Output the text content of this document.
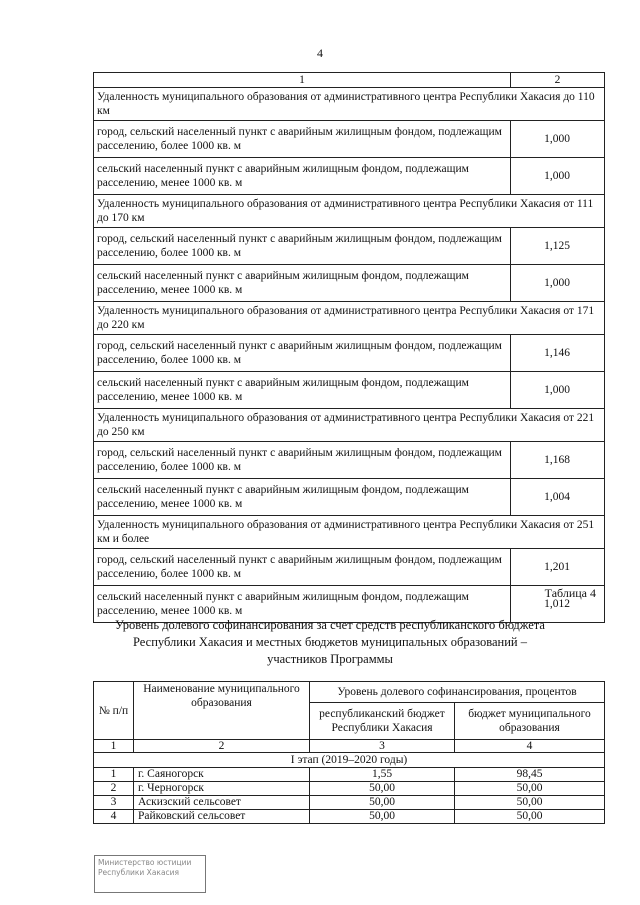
4
1	2
Удаленность муниципального образования от административного центра Республики Хакасия до 110 км	
город, сельский населенный пункт с аварийным жилищным фондом, подлежащим расселению, более 1000 кв. м	1,000
сельский населенный пункт с аварийным жилищным фондом, подлежащим расселению, менее 1000 кв. м	1,000
Удаленность муниципального образования от административного центра Республики Хакасия от 111 до 170 км	
город, сельский населенный пункт с аварийным жилищным фондом, подлежащим расселению, более 1000 кв. м	1,125
сельский населенный пункт с аварийным жилищным фондом, подлежащим расселению, менее 1000 кв. м	1,000
Удаленность муниципального образования от административного центра Республики Хакасия от 171 до 220 км	
город, сельский населенный пункт с аварийным жилищным фондом, подлежащим расселению, более 1000 кв. м	1,146
сельский населенный пункт с аварийным жилищным фондом, подлежащим расселению, менее 1000 кв. м	1,000
Удаленность муниципального образования от административного центра Республики Хакасия от 221 до 250 км	
город, сельский населенный пункт с аварийным жилищным фондом, подлежащим расселению, более 1000 кв. м	1,168
сельский населенный пункт с аварийным жилищным фондом, подлежащим расселению, менее 1000 кв. м	1,004
Удаленность муниципального образования от административного центра Республики Хакасия от 251 км и более	
город, сельский населенный пункт с аварийным жилищным фондом, подлежащим расселению, более 1000 кв. м	1,201
сельский населенный пункт с аварийным жилищным фондом, подлежащим расселению, менее 1000 кв. м	1,012
Таблица 4
Уровень долевого софинансирования за счет средств республиканского бюджета Республики Хакасия и местных бюджетов муниципальных образований – участников Программы
№ п/п	Наименование муниципального образования	Уровень долевого софинансирования, процентов	
		республиканский бюджет Республики Хакасия	бюджет муниципального образования
1	2	3	4
I этап (2019–2020 годы)			
1	г. Саяногорск	1,55	98,45
2	г. Черногорск	50,00	50,00
3	Аскизский сельсовет	50,00	50,00
4	Райковский сельсовет	50,00	50,00
Министерство юстиции Республики Хакасия
